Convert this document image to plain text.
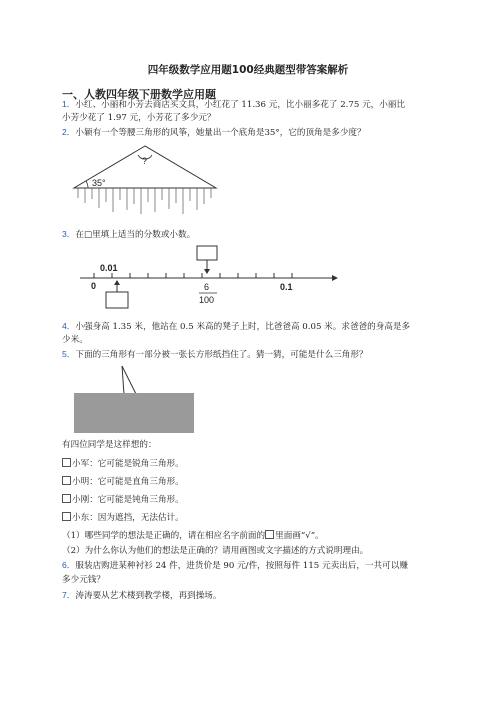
四年级数学应用题100经典题型带答案解析
一、人教四年级下册数学应用题
1．小红、小丽和小芳去商店买文具，小红花了 11.36 元，比小丽多花了 2.75 元，小丽比
小芳少花了 1.97 元，小芳花了多少元？
2．小颖有一个等腰三角形的风筝，她量出一个底角是35°，它的顶角是多少度？
35°
?
3．在□里填上适当的分数或小数。
0.01
0	0.1
6
100
4．小强身高 1.35 米，他站在 0.5 米高的凳子上时，比爸爸高 0.05 米。求爸爸的身高是多
少米。
5．下面的三角形有一部分被一张长方形纸挡住了。猜一猜，可能是什么三角形？
有四位同学是这样想的：
小军：它可能是锐角三角形。
小明：它可能是直角三角形。
小刚：它可能是钝角三角形。
小东：因为遮挡，无法估计。
（1）哪些同学的想法是正确的，请在相应名字前面的 里面画“√”。
（2）为什么你认为他们的想法是正确的？请用画图或文字描述的方式说明理由。
6．服装店购进某种衬衫 24 件，进货价是 90 元/件，按照每件 115 元卖出后，一共可以赚
多少元钱？
7．涛涛要从艺术楼到教学楼，再到操场。
